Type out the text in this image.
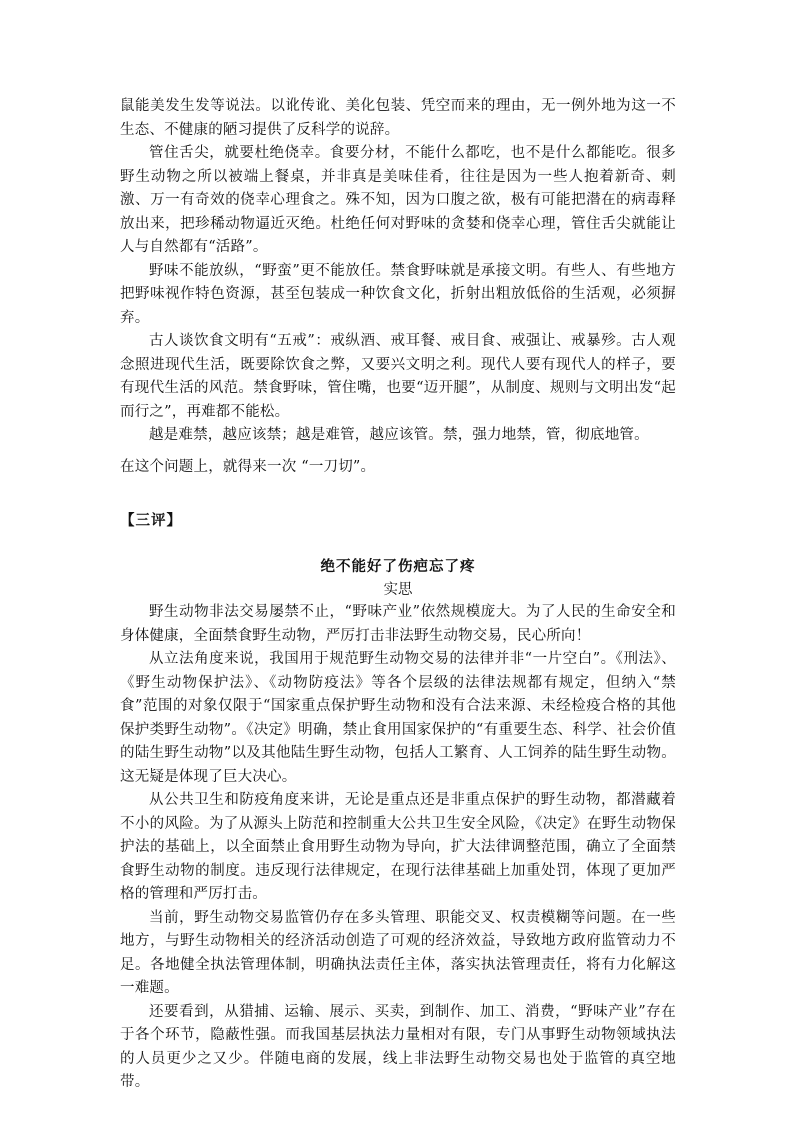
鼠能美发生发等说法。以讹传讹、美化包装、凭空而来的理由，无一例外地为这一不生态、不健康的陋习提供了反科学的说辞。

管住舌尖，就要杜绝侥幸。食要分材，不能什么都吃，也不是什么都能吃。很多野生动物之所以被端上餐桌，并非真是美味佳肴，往往是因为一些人抱着新奇、刺激、万一有奇效的侥幸心理食之。殊不知，因为口腹之欲，极有可能把潜在的病毒释放出来，把珍稀动物逼近灭绝。杜绝任何对野味的贪婪和侥幸心理，管住舌尖就能让人与自然都有“活路”。

野味不能放纵，“野蛮”更不能放任。禁食野味就是承接文明。有些人、有些地方把野味视作特色资源，甚至包装成一种饮食文化，折射出粗放低俗的生活观，必须摒弃。

古人谈饮食文明有“五戒”：戒纵酒、戒耳餐、戒目食、戒强让、戒暴殄。古人观念照进现代生活，既要除饮食之弊，又要兴文明之利。现代人要有现代人的样子，要有现代生活的风范。禁食野味，管住嘴，也要“迈开腿”，从制度、规则与文明出发“起而行之”，再难都不能松。

越是难禁，越应该禁；越是难管，越应该管。禁，强力地禁，管，彻底地管。

在这个问题上，就得来一次 “一刀切”。

【三评】

绝不能好了伤疤忘了疼

实思

野生动物非法交易屡禁不止，“野味产业”依然规模庞大。为了人民的生命安全和身体健康，全面禁食野生动物，严厉打击非法野生动物交易，民心所向！

从立法角度来说，我国用于规范野生动物交易的法律并非“一片空白”。《刑法》、《野生动物保护法》、《动物防疫法》等各个层级的法律法规都有规定，但纳入“禁食”范围的对象仅限于“国家重点保护野生动物和没有合法来源、未经检疫合格的其他保护类野生动物”。《决定》明确，禁止食用国家保护的“有重要生态、科学、社会价值的陆生野生动物”以及其他陆生野生动物，包括人工繁育、人工饲养的陆生野生动物。这无疑是体现了巨大决心。

从公共卫生和防疫角度来讲，无论是重点还是非重点保护的野生动物，都潜藏着不小的风险。为了从源头上防范和控制重大公共卫生安全风险，《决定》在野生动物保护法的基础上，以全面禁止食用野生动物为导向，扩大法律调整范围，确立了全面禁食野生动物的制度。违反现行法律规定，在现行法律基础上加重处罚，体现了更加严格的管理和严厉打击。

当前，野生动物交易监管仍存在多头管理、职能交叉、权责模糊等问题。在一些地方，与野生动物相关的经济活动创造了可观的经济效益，导致地方政府监管动力不足。各地健全执法管理体制，明确执法责任主体，落实执法管理责任，将有力化解这一难题。

还要看到，从猎捕、运输、展示、买卖，到制作、加工、消费，“野味产业”存在于各个环节，隐蔽性强。而我国基层执法力量相对有限，专门从事野生动物领域执法的人员更少之又少。伴随电商的发展，线上非法野生动物交易也处于监管的真空地带。
